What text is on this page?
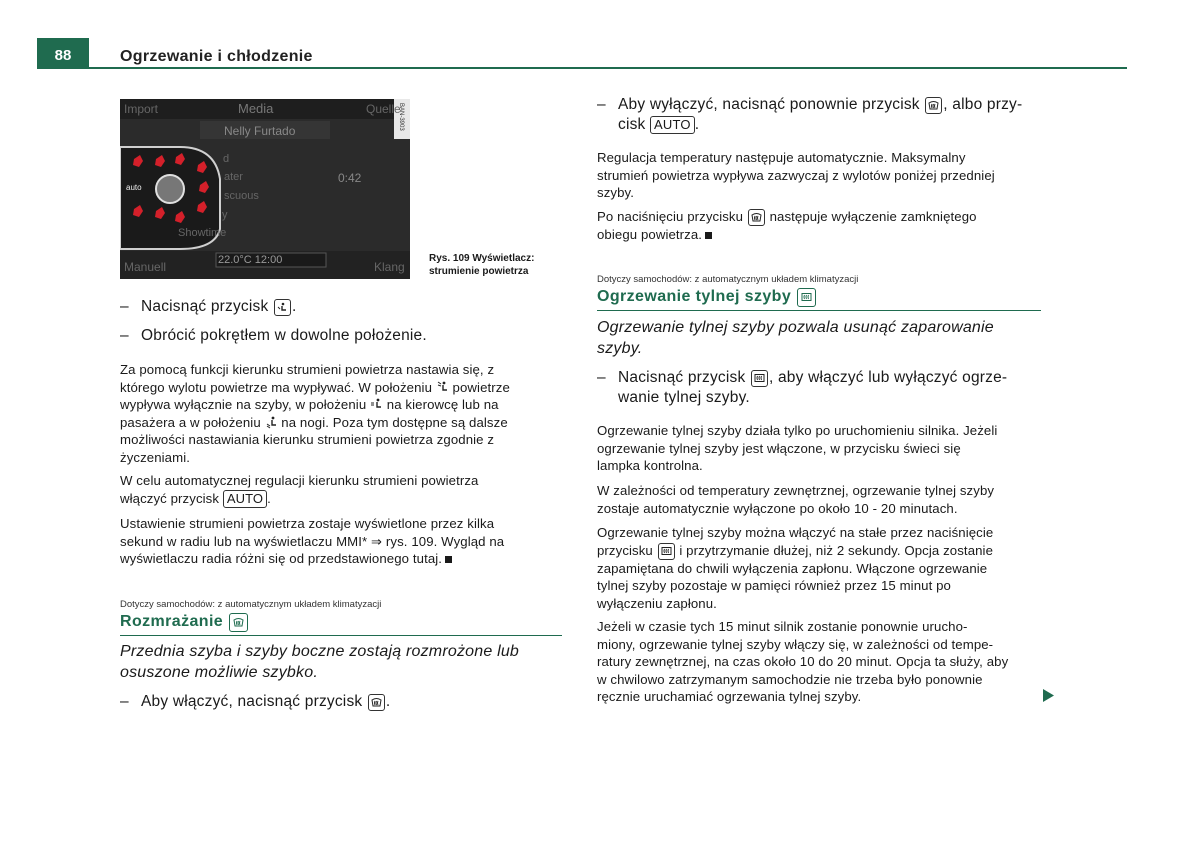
88	Ogrzewanie i chłodzenie
Import	Media	Quelle
Nelly Furtado
d
ater
scuous
y
Showtime
0:42
auto
22.0°C 12:00
Manuell	Klang
BAN-3903
Rys. 109 Wyświetlacz:
strumienie powietrza
– Nacisnąć przycisk .
– Obrócić pokrętłem w dowolne położenie.

Za pomocą funkcji kierunku strumieni powietrza nastawia się, z

którego wylotu powietrze ma wypływać. W położeniu powietrze

wypływa wyłącznie na szyby, w położeniu na kierowcę lub na

pasażera a w położeniu na nogi. Poza tym dostępne są dalsze

możliwości nastawiania kierunku strumieni powietrza zgodnie z

życzeniami.

W celu automatycznej regulacji kierunku strumieni powietrza

włączyć przycisk AUTO .

Ustawienie strumieni powietrza zostaje wyświetlone przez kilka

sekund w radiu lub na wyświetlaczu MMI* ⇒ rys. 109. Wygląd na

wyświetlaczu radia różni się od przedstawionego tutaj.

Dotyczy samochodów: z automatycznym układem klimatyzacji
Rozmrażanie
Przednia szyba i szyby boczne zostają rozmrożone lub
osuszone możliwie szybko.
– Aby włączyć, nacisnąć przycisk .
– Aby wyłączyć, nacisnąć ponownie przycisk , albo przy-
cisk AUTO .

Regulacja temperatury następuje automatycznie. Maksymalny

strumień powietrza wypływa zazwyczaj z wylotów poniżej przedniej

szyby.

Po naciśnięciu przycisku następuje wyłączenie zamkniętego

obiegu powietrza.

Dotyczy samochodów: z automatycznym układem klimatyzacji
Ogrzewanie tylnej szyby
Ogrzewanie tylnej szyby pozwala usunąć zaparowanie
szyby.
– Nacisnąć przycisk , aby włączyć lub wyłączyć ogrze-
wanie tylnej szyby.

Ogrzewanie tylnej szyby działa tylko po uruchomieniu silnika. Jeżeli

ogrzewanie tylnej szyby jest włączone, w przycisku świeci się

lampka kontrolna.

W zależności od temperatury zewnętrznej, ogrzewanie tylnej szyby

zostaje automatycznie wyłączone po około 10 - 20 minutach.

Ogrzewanie tylnej szyby można włączyć na stałe przez naciśnięcie

przycisku i przytrzymanie dłużej, niż 2 sekundy. Opcja zostanie

zapamiętana do chwili wyłączenia zapłonu. Włączone ogrzewanie

tylnej szyby pozostaje w pamięci również przez 15 minut po

wyłączeniu zapłonu.

Jeżeli w czasie tych 15 minut silnik zostanie ponownie urucho-

miony, ogrzewanie tylnej szyby włączy się, w zależności od tempe-

ratury zewnętrznej, na czas około 10 do 20 minut. Opcja ta służy, aby

w chwilowo zatrzymanym samochodzie nie trzeba było ponownie

ręcznie uruchamiać ogrzewania tylnej szyby.
